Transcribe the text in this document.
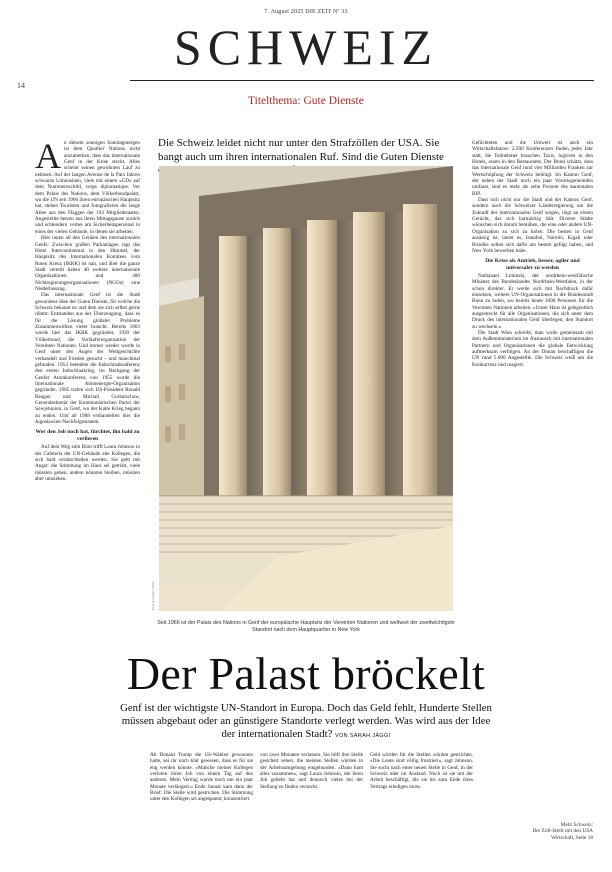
7. August 2025 DIE ZEIT Nº 33
SCHWEIZ
14
Titelthema: Gute Dienste
Die Schweiz leidet nicht nur unter den Strafzöllen der USA. Sie bangt auch um ihren internationalen Ruf. Sind die Guten Dienste

An diesem sonnigen Sonntagmorgen ist dem Quartier Nations nicht anzumerken, dass das internationale Genf in der Krise steckt. Alles scheint seinen gewohnten Lauf zu nehmen: Auf der langen Avenue de la Paix fahren schwarze Limousinen, viele mit einem »CD« auf dem Nummernschild, corps diplomatique. Vor dem Palais des Nations, dem Völkerbundpalast, wo die UN seit 1966 ihren europäischen Hauptsitz hat, stehen Touristen und fotografieren die lange Allee aus den Flaggen der 193 Mitgliedstaaten. Angestellte hetzen aus ihren Mittagspause zurück und schlendern vorbei am Sicherheitspersonal in eines der vielen Gebäude, in denen sie arbeiten.

Hier unten all den Geräten des internationalen Genfs: Zwischen großen Parkanlagen ragt das Hotel Intercontinental in den Himmel, der Hauptsitz des Internationalen Komitees vom Roten Kreuz (IKRK) ist nah, und über die ganze Stadt verteilt haben 40 weitere internationale Organisationen und 400 Nichtregierungsorganisationen (NGOs) eine Niederlassung.

Das internationale Genf ist die Stadt gewordene Idee der Guten Dienste, für welche die Schweiz bekannt ist und dem sie sich selbst gerne rühmt: Entstanden aus der Überzeugung, dass es für die Lösung globaler Probleme Zusammenwirken vieler braucht. Bereits 1863 wurde hier das IKRK gegründet, 1920 der Völkerbund, die Vorläuferorganisation der Vereinten Nationen. Und immer wieder wurde in Genf unter den Augen der Weltgeschichte verhandelt und Frieden gesucht – und manchmal gefunden. 1954 beendete die Indochinakonferenz den ersten Indochinakrieg, im Nachgang der Genfer Atomkonferenz von 1955 wurde die Internationale Atomenergie-Organisation gegründet. 1985 trafen sich US-Präsident Ronald Reagan und Michail Gorbatschow, Generalsekretär der Kommunistischen Partei der Sowjetunion, in Genf, wo der Kalte Krieg begann zu enden. Und ab 1988 verhandelten hier die Jugoslawien-Nachfolgestaaten.

Wer den Job noch hat, fürchtet, ihn bald zu verlieren

Auf dem Weg zum Büro trifft Laura Johnson in der Cafeteria der UN-Gebäude alte Kollegen, die sich bald verabschieden werden. Sie geht mit Angst: die Stimmung im Haus sei getrübt, viele müssten gehen, andere könnten bleiben, müssten aber umziehen.

Foto: Lorenzo Vitali
Seit 1966 ist der Palais des Nations in Genf der europäische Hauptsitz der Vereinten Nationen und weltweit der zweitwichtigste Standort nach dem Hauptquartier in New York

Gefüchteten und die Umwelt ist auch ein Wirtschaftsfaktor: 2.500 Konferenzen finden jedes Jahr statt, die Teilnehmer brauchen Taxis, logieren in den Hotels, essen in den Restaurants. Der Bund schätzt, dass das internationale Genf rund vier Milliarden Franken zur Wertschöpfung der Schweiz beiträgt. Im Kanton Genf, der neben der Stadt noch ein paar Vorortsgemeinden umfasst, sind es mehr als zehn Prozent des kantonalen BIP.

Dass sich nicht nur die Stadt und der Kanton Genf, sondern auch die Schweizer Länderregierung um die Zukunft der internationalen Genf sorgen, liegt an einem Gerücht, das sich hartnäckig hält: Diverse Städte wünschen sich darum bemühen, die eine oder andere UN-Organisation zu sich zu holen. Die besten in Genf ansässig ist, lautet es, Istanbul, Nairobi, Kigali oder Brindisi sollen sich dafür am besten gefügt haben, und New York bewerben habe.

Die Krise als Antrieb, besser, agiler und universaler zu werden

Nathanael Liminski, der nordrhein-westfälische Minister des Bundeslandes Nordrhein-Westfalen, in der schon direkter. Er werde sich mit Nachdruck dafür einsetzen, weitere UN-Organisationen in die Bundesstadt Bonn zu holen, wo bereits heute 1000 Personen für die Vereinten Nationen arbeiten. »Unser Haus ist gelegentlich ausgestreckt für alle Organisationen, die sich unter dem Druck des internationalen Genf überlegen, den Standort zu wechseln.«

Die Stadt Wien schreibt, man wolle gemeinsam mit dem Außenministerium im Austausch mit internationalen Partnern und Organisationen die globale Entwicklung aufmerksam verfolgen. An der Donau beschaftigen die UN rund 5.000 Angestellte. Die Schweiz weiß um die Konkurrenz und reagiert.

Der Palast bröckelt
Genf ist der wichtigste UN-Standort in Europa. Doch das Geld fehlt, Hunderte Stellen müssen abgebaut oder an günstigere Standorte verlegt werden. Was wird aus der Idee der internationalen Stadt? VON SARAH JÄGGI

Ab Donald Trump die US-Wahlen gewonnen hatte, sei ihr nach klar gewesen, dass es für sie eng werden könnte. »Manche meiner Kollegen verloren ihren Job von einem Tag auf den anderen. Mein Vertrag wurde noch um ein paar Monate verlängert.« Ende Januar kam dann der Brief: Die Stelle wird gestrichen. Die Stimmung unter den Kollegen sei angespannt, konzentriert.

von zwei Monaten verlassen. Sie hilft ihre Stelle gesichert sehen, die meisten Stellen würden in der Arbeitsumgebung eingebunden. »Dann kam alles zusammen«, sagt Laura Johnson, die ihren Job geliebt hat und dennoch vieles bei der Stellung zu finden versucht.

Geld würden für die Stellen würden gestrichen. »Die Leute sind völlig frustriert«, sagt Johnson. Sie sucht nach einer neuen Stelle in Genf, in der Schweiz oder im Ausland. Noch ist sie mit der Arbeit beschäftigt, die sie bis zum Ende ihres Vertrags erledigen muss.

Mehr Schweiz:
Der Zoll-Streit mit den USA
Wirtschaft, Seite 18
